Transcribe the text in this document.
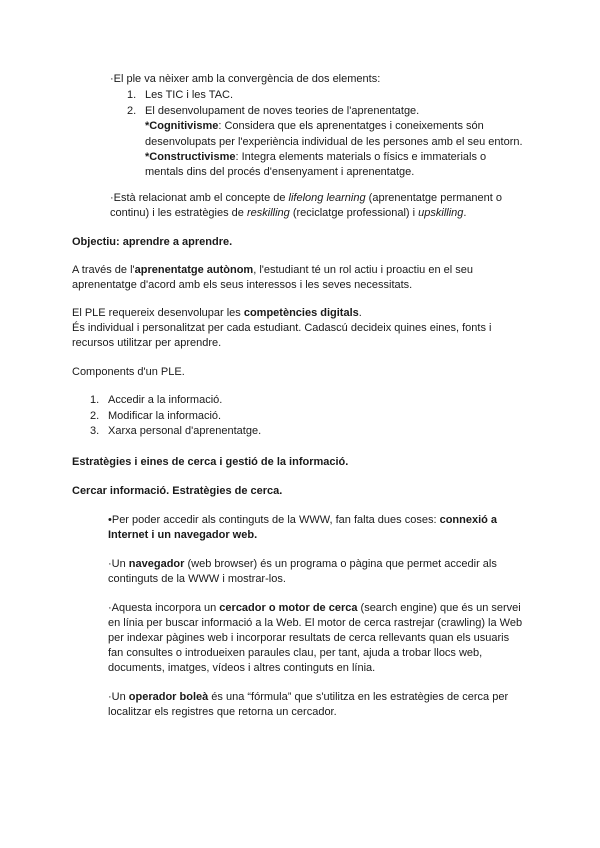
·El ple va nèixer amb la convergència de dos elements:
1. Les TIC i les TAC.
2. El desenvolupament de noves teories de l'aprenentatge.
*Cognitivisme: Considera que els aprenentatges i coneixements són
desenvolupats per l'experiència individual de les persones amb el seu entorn.
*Constructivisme: Integra elements materials o físics e immaterials o
mentals dins del procés d'ensenyament i aprenentatge.
·Està relacionat amb el concepte de lifelong learning (aprenentatge permanent o
continu) i les estratègies de reskilling (reciclatge professional) i upskilling.
Objectiu: aprendre a aprendre.
A través de l'aprenentatge autònom, l'estudiant té un rol actiu i proactiu en el seu
aprenentatge d'acord amb els seus interessos i les seves necessitats.
El PLE requereix desenvolupar les competències digitals.
És individual i personalitzat per cada estudiant. Cadascú decideix quines eines, fonts i
recursos utilitzar per aprendre.
Components d'un PLE.
1. Accedir a la informació.
2. Modificar la informació.
3. Xarxa personal d'aprenentatge.
Estratègies i eines de cerca i gestió de la informació.
Cercar informació. Estratègies de cerca.
•Per poder accedir als continguts de la WWW, fan falta dues coses: connexió a
Internet i un navegador web.
·Un navegador (web browser) és un programa o pàgina que permet accedir als
continguts de la WWW i mostrar-los.
·Aquesta incorpora un cercador o motor de cerca (search engine) que és un servei
en línia per buscar informació a la Web. El motor de cerca rastrejar (crawling) la Web
per indexar pàgines web i incorporar resultats de cerca rellevants quan els usuaris
fan consultes o introdueixen paraules clau, per tant, ajuda a trobar llocs web,
documents, imatges, vídeos i altres continguts en línia.
·Un operador boleà és una “fórmula” que s'utilitza en les estratègies de cerca per
localitzar els registres que retorna un cercador.
